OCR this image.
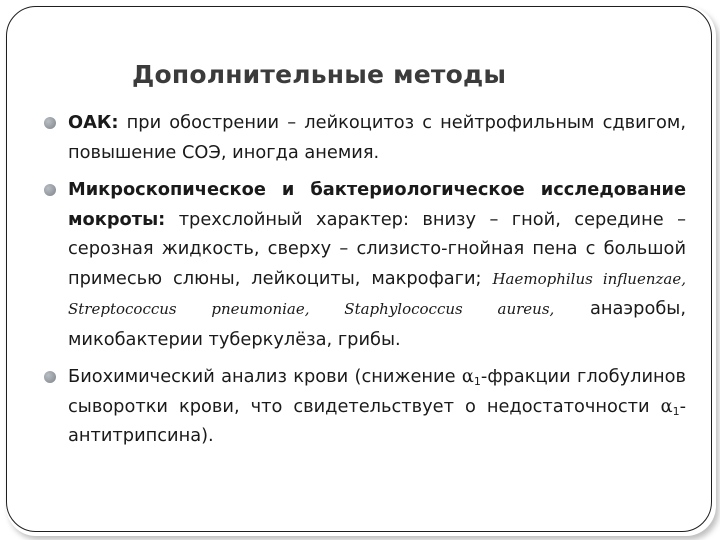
Дополнительные методы
ОАК: при обострении – лейкоцитоз с нейтрофильным сдвигом, повышение СОЭ, иногда анемия.
Микроскопическое и бактериологическое исследование мокроты: трехслойный характер: внизу – гной, середине – серозная жидкость, сверху – слизисто-гнойная пена с большой примесью слюны, лейкоциты, макрофаги; Haemophilus influenzae, Streptococcus pneumoniae, Staphylococcus aureus, анаэробы, микобактерии туберкулёза, грибы.
Биохимический анализ крови (снижение $\alpha_1$-фракции глобулинов сыворотки крови, что свидетельствует о недостаточности $\alpha_1-антитрипсина$).
